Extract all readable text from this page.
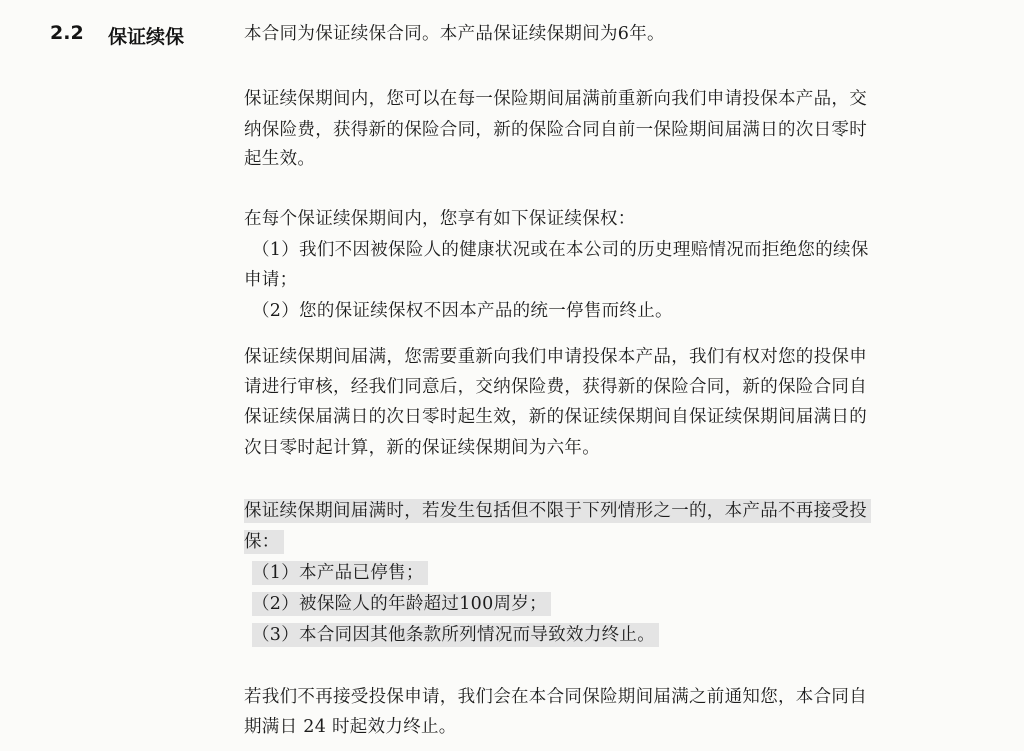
2.2 保证续保	本合同为保证续保合同。本产品保证续保期间为6年。
保证续保期间内，您可以在每一保险期间届满前重新向我们申请投保本产品，交
纳保险费，获得新的保险合同，新的保险合同自前一保险期间届满日的次日零时
起生效。
在每个保证续保期间内，您享有如下保证续保权：
（1）我们不因被保险人的健康状况或在本公司的历史理赔情况而拒绝您的续保
申请；
（2）您的保证续保权不因本产品的统一停售而终止。
保证续保期间届满，您需要重新向我们申请投保本产品，我们有权对您的投保申
请进行审核，经我们同意后，交纳保险费，获得新的保险合同，新的保险合同自
保证续保届满日的次日零时起生效，新的保证续保期间自保证续保期间届满日的
次日零时起计算，新的保证续保期间为六年。
保证续保期间届满时，若发生包括但不限于下列情形之一的，本产品不再接受投
保：
（1）本产品已停售；
（2）被保险人的年龄超过100周岁；
（3）本合同因其他条款所列情况而导致效力终止。
若我们不再接受投保申请，我们会在本合同保险期间届满之前通知您，本合同自
期满日 24 时起效力终止。
